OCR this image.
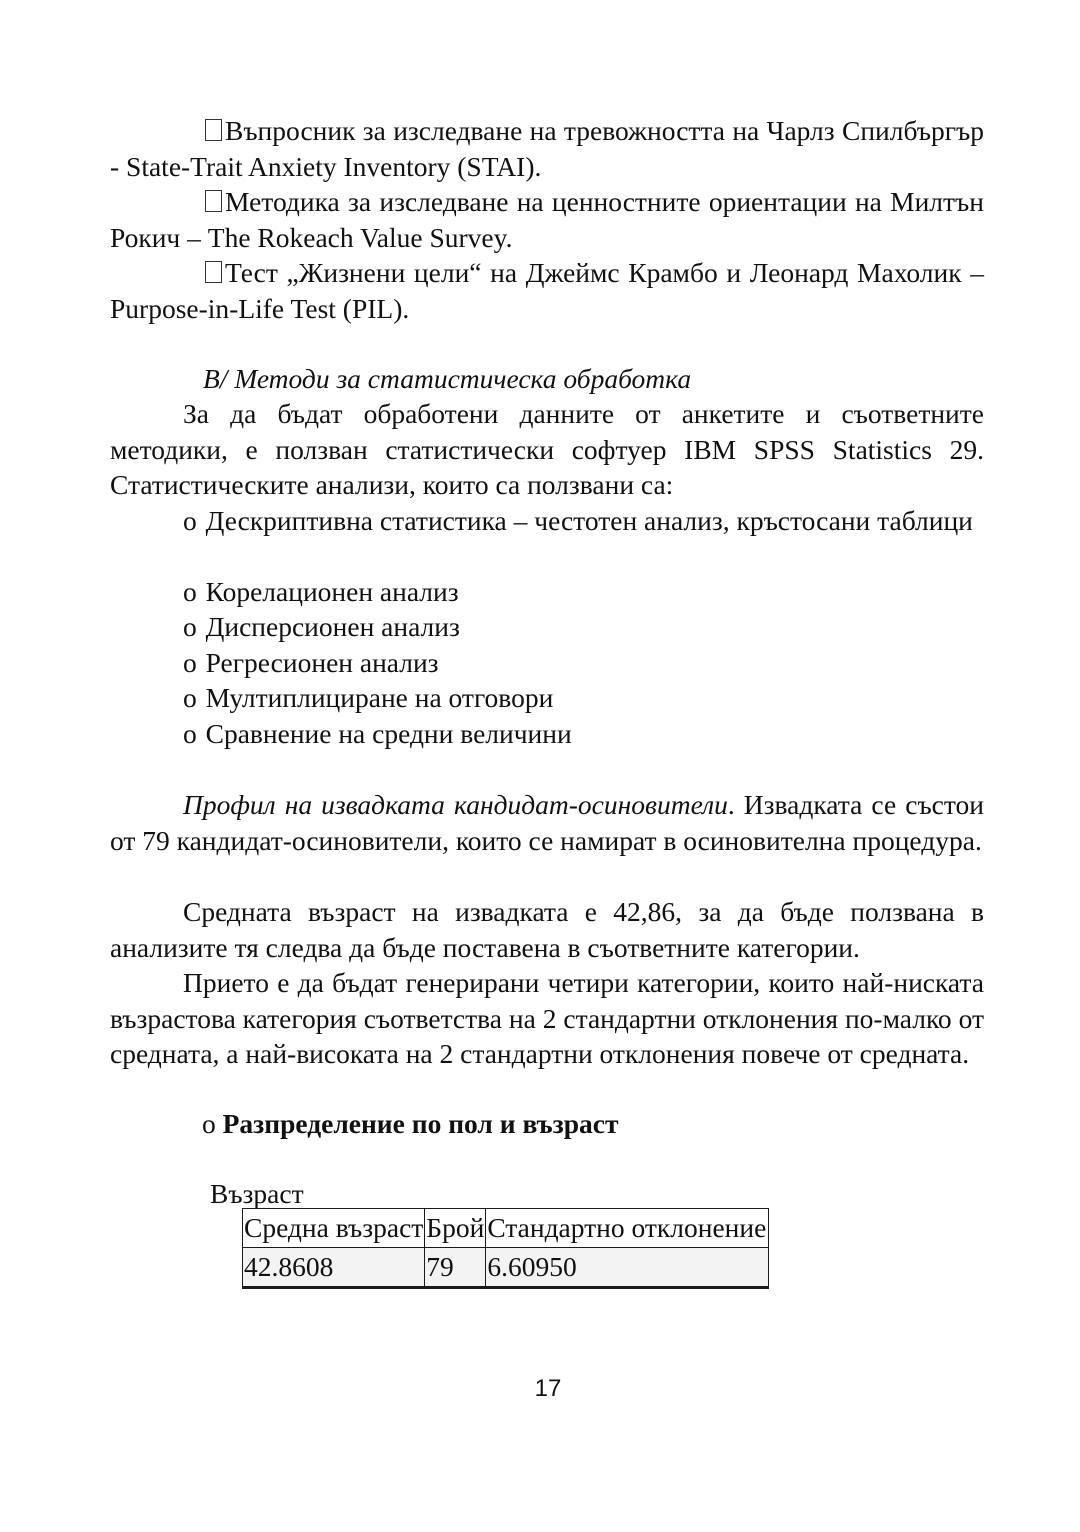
Въпросник за изследване на тревожността на Чарлз Спилбъргър - State-Trait Anxiety Inventory (STAI).
Методика за изследване на ценностните ориентации на Милтън Рокич – The Rokeach Value Survey.
Тест „Жизнени цели“ на Джеймс Крамбо и Леонард Махолик – Purpose-in-Life Test (PIL).
В/ Методи за статистическа обработка
За да бъдат обработени данните от анкетите и съответните методики, е ползван статистически софтуер IBM SPSS Statistics 29. Статистическите анализи, които са ползвани са:
o Дескриптивна статистика – честотен анализ, кръстосани таблици
o Корелационен анализ
o Дисперсионен анализ
o Регресионен анализ
o Мултиплициране на отговори
o Сравнение на средни величини
Профил на извадката кандидат-осиновители. Извадката се състои от 79 кандидат-осиновители, които се намират в осиновителна процедура.
Средната възраст на извадката е 42,86, за да бъде ползвана в анализите тя следва да бъде поставена в съответните категории.
Прието е да бъдат генерирани четири категории, които най-ниската възрастова категория съответства на 2 стандартни отклонения по-малко от средната, а най-високата на 2 стандартни отклонения повече от средната.
o Разпределение по пол и възраст
Възраст
Средна възраст	Брой	Стандартно отклонение
42.8608	79	6.60950
17
